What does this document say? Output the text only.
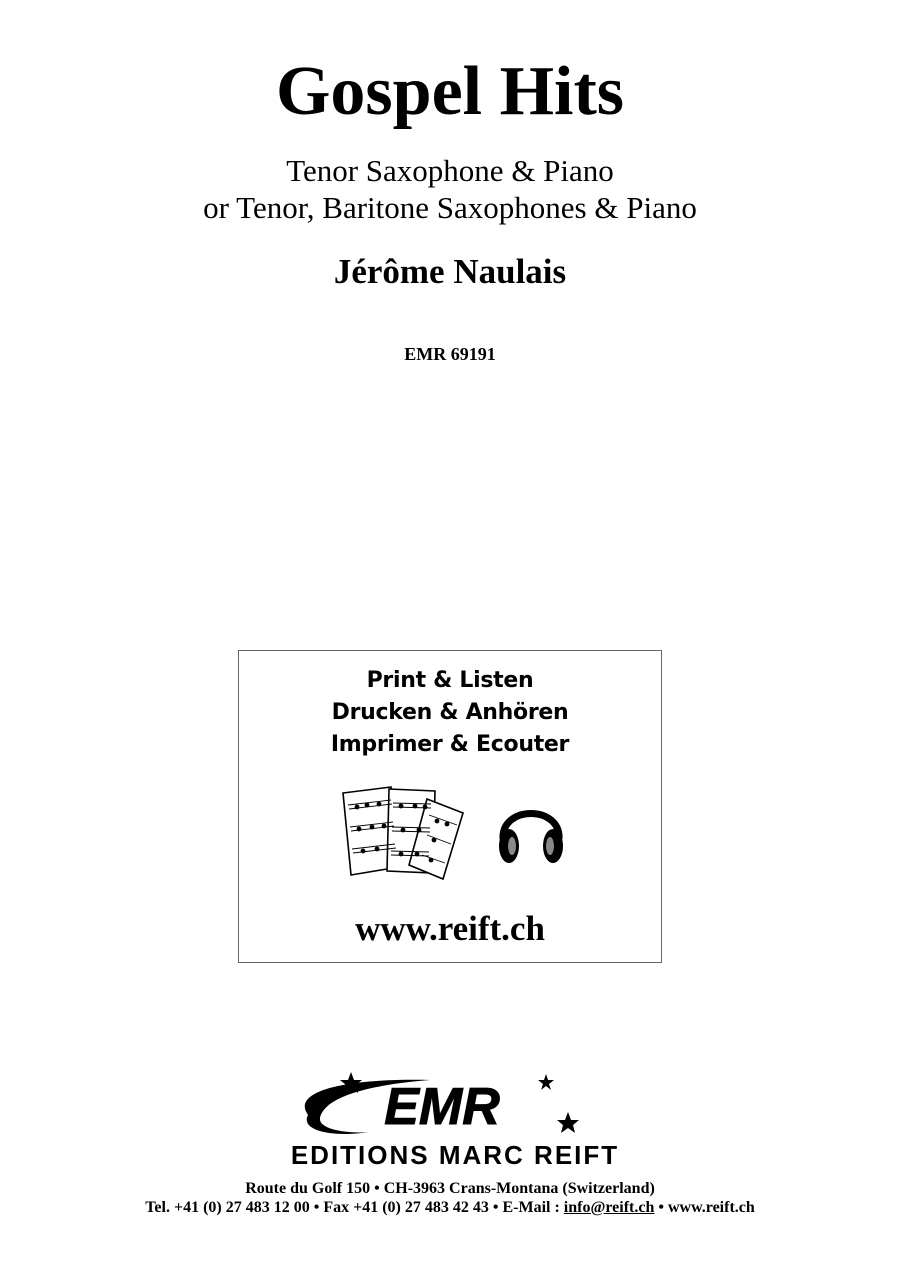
Gospel Hits
Tenor Saxophone & Piano
or Tenor, Baritone Saxophones & Piano
Jérôme Naulais
EMR 69191
Print & Listen
Drucken & Anhören
Imprimer & Ecouter
www.reift.ch
EMR
EDITIONS MARC REIFT
Route du Golf 150 • CH-3963 Crans-Montana (Switzerland)
Tel. +41 (0) 27 483 12 00 • Fax +41 (0) 27 483 42 43 • E-Mail : info@reift.ch • www.reift.ch
